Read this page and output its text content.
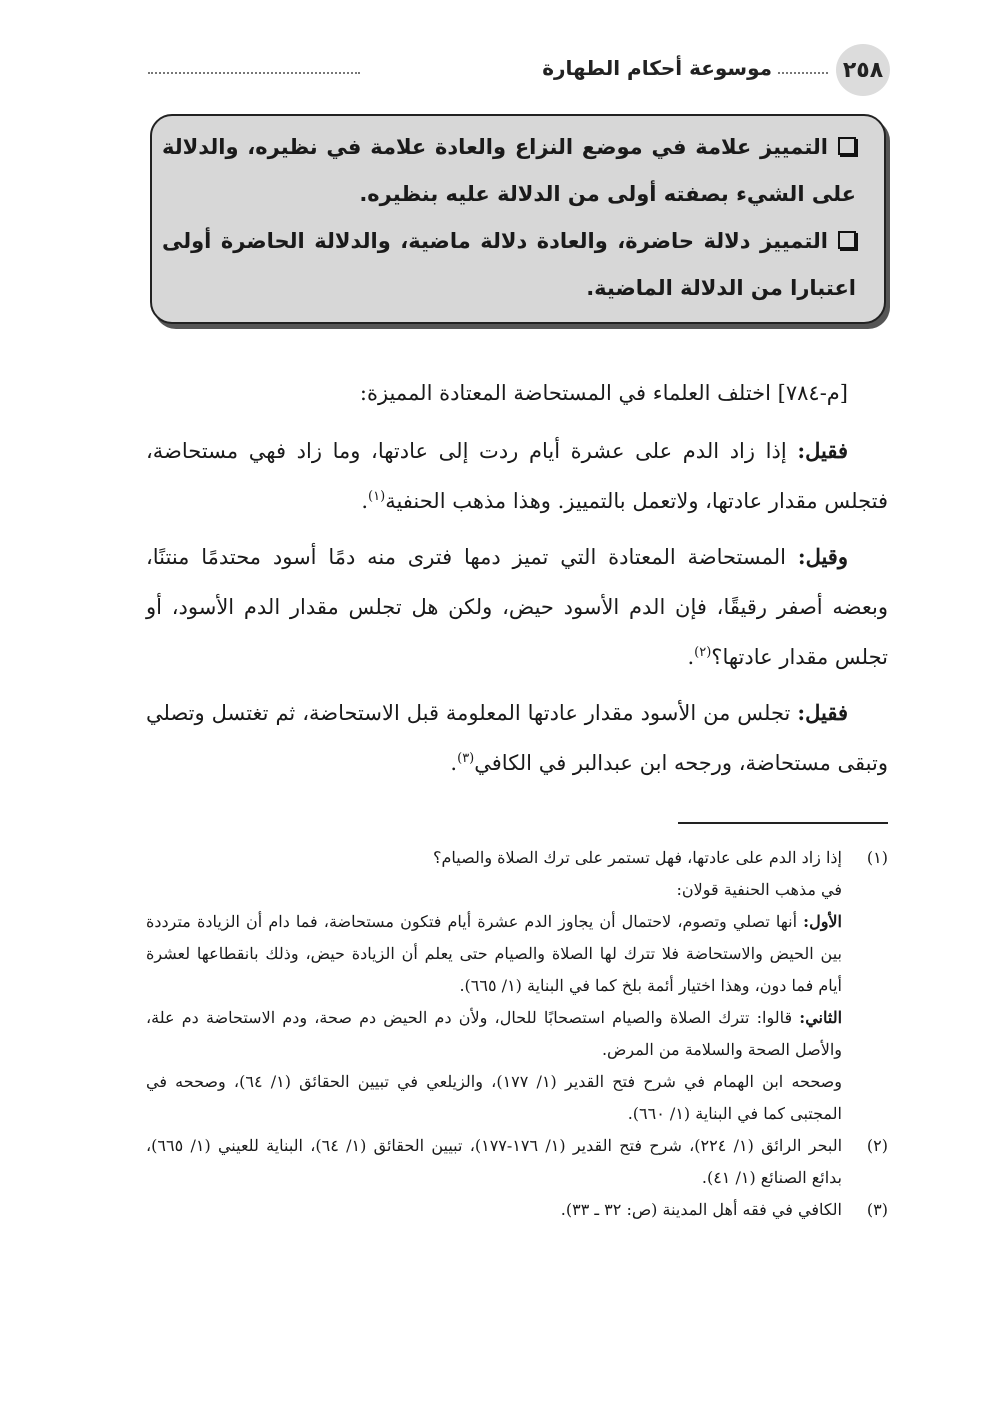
٢٥٨
موسوعة أحكام الطهارة

التمييز علامة في موضع النزاع والعادة علامة في نظيره، والدلالة على الشيء بصفته أولى من الدلالة عليه بنظيره.

التمييز دلالة حاضرة، والعادة دلالة ماضية، والدلالة الحاضرة أولى اعتبارا من الدلالة الماضية.

[م-٧٨٤] اختلف العلماء في المستحاضة المعتادة المميزة:

فقيل: إذا زاد الدم على عشرة أيام ردت إلى عادتها، وما زاد فهي مستحاضة، فتجلس مقدار عادتها، ولاتعمل بالتمييز. وهذا مذهب الحنفية$^{(١)}$.

وقيل: المستحاضة المعتادة التي تميز دمها فترى منه دمًا أسود محتدمًا منتنًا، وبعضه أصفر رقيقًا، فإن الدم الأسود حيض، ولكن هل تجلس مقدار الدم الأسود، أو تجلس مقدار عادتها؟$^{(٢)}$.

فقيل: تجلس من الأسود مقدار عادتها المعلومة قبل الاستحاضة، ثم تغتسل وتصلي وتبقى مستحاضة، ورجحه ابن عبدالبر في الكافي$^{(٣)}$.

(١)
إذا زاد الدم على عادتها، فهل تستمر على ترك الصلاة والصيام؟
في مذهب الحنفية قولان:
الأول: أنها تصلي وتصوم، لاحتمال أن يجاوز الدم عشرة أيام فتكون مستحاضة، فما دام أن الزيادة مترددة بين الحيض والاستحاضة فلا تترك لها الصلاة والصيام حتى يعلم أن الزيادة حيض، وذلك بانقطاعها لعشرة أيام فما دون، وهذا اختيار أئمة بلخ كما في البناية (١/ ٦٦٥).
الثاني: قالوا: تترك الصلاة والصيام استصحابًا للحال، ولأن دم الحيض دم صحة، ودم الاستحاضة دم علة، والأصل الصحة والسلامة من المرض.
وصححه ابن الهمام في شرح فتح القدير (١/ ١٧٧)، والزيلعي في تبيين الحقائق (١/ ٦٤)، وصححه في المجتبى كما في البناية (١/ ٦٦٠).
(٢)
البحر الرائق (١/ ٢٢٤)، شرح فتح القدير (١/ ١٧٦-١٧٧)، تبيين الحقائق (١/ ٦٤)، البناية للعيني (١/ ٦٦٥)، بدائع الصنائع (١/ ٤١).
(٣)
الكافي في فقه أهل المدينة (ص: ٣٢ ـ ٣٣).
